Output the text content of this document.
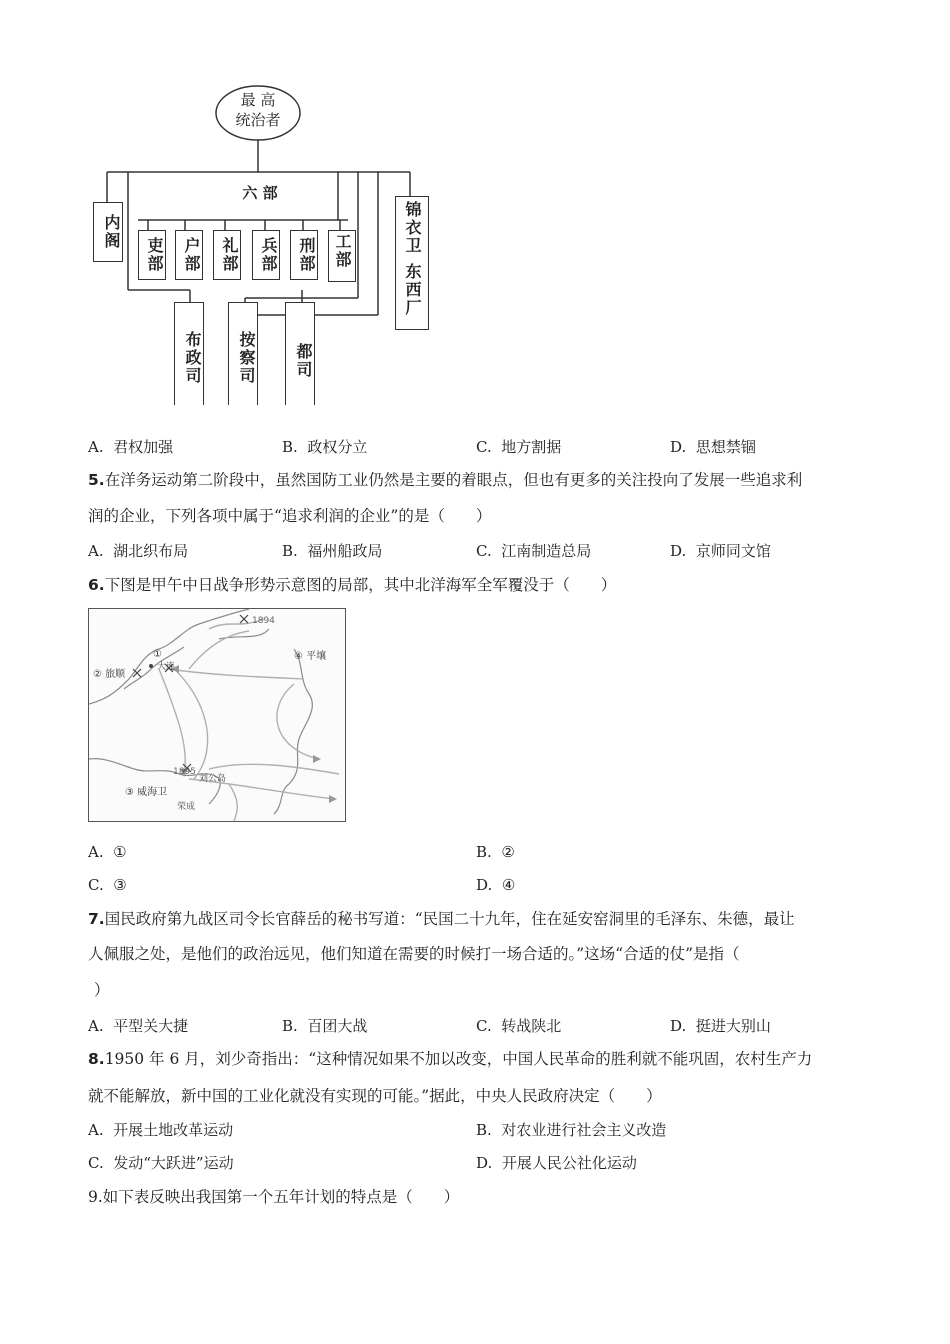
最 高
统治者
六 部
内阁
吏部	户部	礼部	兵部	刑部	工部	锦衣卫
东西厂
布政司	按察司	都司
A. 君权加强	B. 政权分立	C. 地方割据	D. 思想禁锢
5.在洋务运动第二阶段中，虽然国防工业仍然是主要的着眼点，但也有更多的关注投向了发展一些追求利
润的企业，下列各项中属于“追求利润的企业”的是（　　）
A. 湖北织布局	B. 福州船政局	C. 江南制造总局	D. 京师同文馆
6.下图是甲午中日战争形势示意图的局部，其中北洋海军全军覆没于（　　）
1894
①
大连
② 旅顺
④ 平壤
1895
刘公岛
③ 威海卫
荣成
A. ①	B. ②
C. ③	D. ④
7.国民政府第九战区司令长官薛岳的秘书写道：“民国二十九年，住在延安窑洞里的毛泽东、朱德，最让
人佩服之处，是他们的政治远见，他们知道在需要的时候打一场合适的。”这场“合适的仗”是指（
）
A. 平型关大捷	B. 百团大战	C. 转战陕北	D. 挺进大别山
8.1950 年 6 月，刘少奇指出：“这种情况如果不加以改变，中国人民革命的胜利就不能巩固，农村生产力
就不能解放，新中国的工业化就没有实现的可能。”据此，中央人民政府决定（　　）
A. 开展土地改革运动	B. 对农业进行社会主义改造
C. 发动“大跃进”运动	D. 开展人民公社化运动
9.如下表反映出我国第一个五年计划的特点是（　　）
